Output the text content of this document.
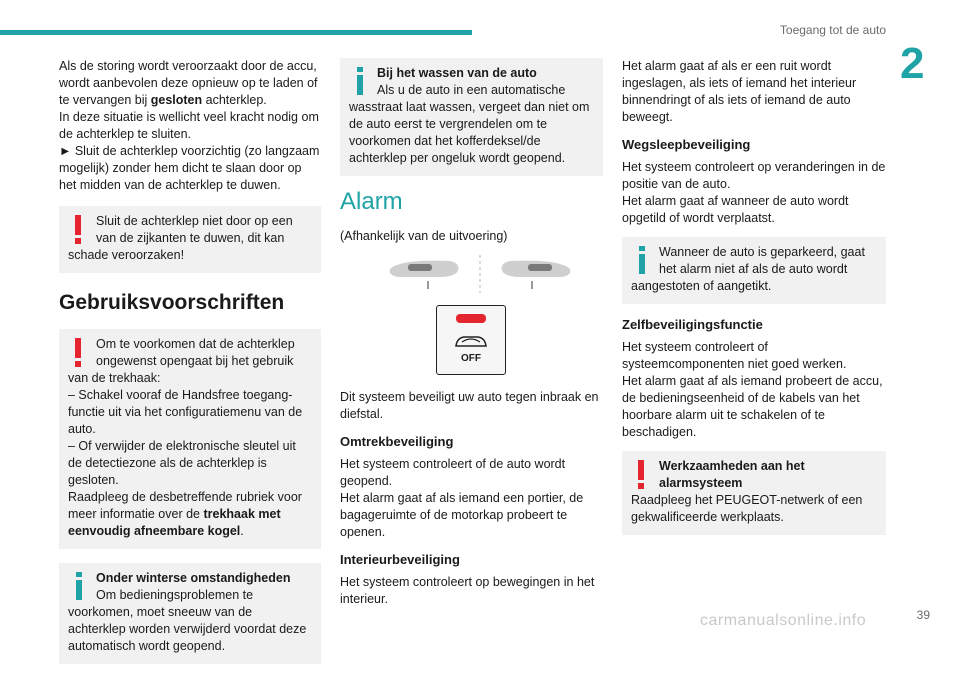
Toegang tot de auto
2

Als de storing wordt veroorzaakt door de accu, wordt aanbevolen deze opnieuw op te laden of te vervangen bij gesloten achterklep.

In deze situatie is wellicht veel kracht nodig om de achterklep te sluiten.

► Sluit de achterklep voorzichtig (zo langzaam mogelijk) zonder hem dicht te slaan door op het midden van de achterklep te duwen.

Sluit de achterklep niet door op een van de zijkanten te duwen, dit kan schade veroorzaken!
Gebruiksvoorschriften

Om te voorkomen dat de achterklep ongewenst opengaat bij het gebruik van de trekhaak:

– Schakel vooraf de Handsfree toegang-functie uit via het configuratiemenu van de auto.

– Of verwijder de elektronische sleutel uit de detectiezone als de achterklep is gesloten.

Raadpleeg de desbetreffende rubriek voor meer informatie over de trekhaak met eenvoudig afneembare kogel.

Onder winterse omstandigheden
Om bedieningsproblemen te voorkomen, moet sneeuw van de achterklep worden verwijderd voordat deze automatisch wordt geopend.
Bij het wassen van de auto
Als u de auto in een automatische wasstraat laat wassen, vergeet dan niet om de auto eerst te vergrendelen om te voorkomen dat het kofferdeksel/de achterklep per ongeluk wordt geopend.
Alarm

(Afhankelijk van de uitvoering)

OFF

Dit systeem beveiligt uw auto tegen inbraak en diefstal.

Omtrekbeveiliging

Het systeem controleert of de auto wordt geopend.

Het alarm gaat af als iemand een portier, de bagageruimte of de motorkap probeert te openen.

Interieurbeveiliging

Het systeem controleert op bewegingen in het interieur.

Het alarm gaat af als er een ruit wordt ingeslagen, als iets of iemand het interieur binnendringt of als iets of iemand de auto beweegt.

Wegsleepbeveiliging

Het systeem controleert op veranderingen in de positie van de auto.

Het alarm gaat af wanneer de auto wordt opgetild of wordt verplaatst.

Wanneer de auto is geparkeerd, gaat het alarm niet af als de auto wordt aangestoten of aangetikt.
Zelfbeveiligingsfunctie

Het systeem controleert of systeemcomponenten niet goed werken.

Het alarm gaat af als iemand probeert de accu, de bedieningseenheid of de kabels van het hoorbare alarm uit te schakelen of te beschadigen.

Werkzaamheden aan het alarmsysteem
Raadpleeg het PEUGEOT-netwerk of een gekwalificeerde werkplaats.
39
carmanualsonline.info
